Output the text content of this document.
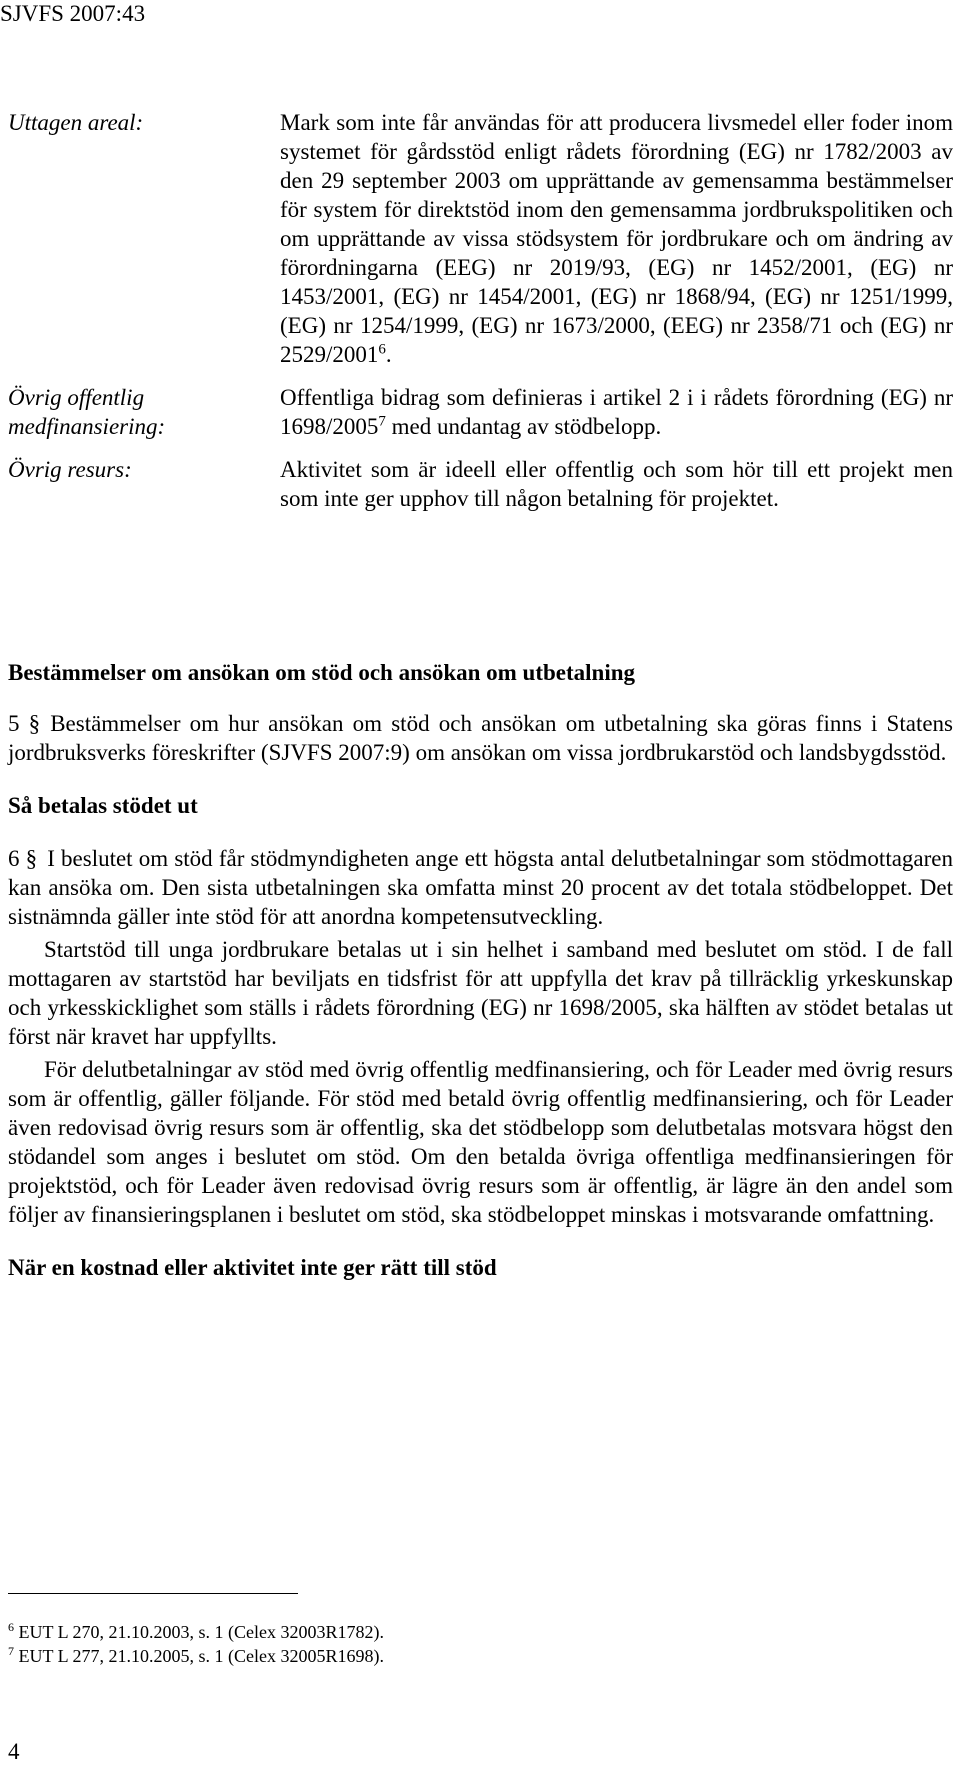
SJVFS 2007:43
Uttagen areal:	Mark som inte får användas för att producera livsmedel eller foder inom systemet för gårdsstöd enligt rådets förordning (EG) nr 1782/2003 av den 29 september 2003 om upprättande av gemensamma bestämmelser för system för direktstöd inom den gemensamma jordbrukspolitiken och om upprättande av vissa stödsystem för jordbrukare och om ändring av förordningarna (EEG) nr 2019/93, (EG) nr 1452/2001, (EG) nr 1453/2001, (EG) nr 1454/2001, (EG) nr 1868/94, (EG) nr 1251/1999, (EG) nr 1254/1999, (EG) nr 1673/2000, (EEG) nr 2358/71 och (EG) nr 2529/2001$^6$.
Övrig offentlig medfinansiering:
Offentliga bidrag som definieras i artikel 2 i i rådets förordning (EG) nr 1698/2005$^7$ med undantag av stödbelopp.
Övrig resurs:	Aktivitet som är ideell eller offentlig och som hör till ett projekt men som inte ger upphov till någon betalning för projektet.

Bestämmelser om ansökan om stöd och ansökan om utbetalning

5 § Bestämmelser om hur ansökan om stöd och ansökan om utbetalning ska göras finns i Statens jordbruksverks föreskrifter (SJVFS 2007:9) om ansökan om vissa jordbrukarstöd och landsbygdsstöd.

Så betalas stödet ut

6 § I beslutet om stöd får stödmyndigheten ange ett högsta antal delutbetalningar som stödmottagaren kan ansöka om. Den sista utbetalningen ska omfatta minst 20 procent av det totala stödbeloppet. Det sistnämnda gäller inte stöd för att anordna kompetensutveckling.

Startstöd till unga jordbrukare betalas ut i sin helhet i samband med beslutet om stöd. I de fall mottagaren av startstöd har beviljats en tidsfrist för att uppfylla det krav på tillräcklig yrkeskunskap och yrkesskicklighet som ställs i rådets förordning (EG) nr 1698/2005, ska hälften av stödet betalas ut först när kravet har uppfyllts.

För delutbetalningar av stöd med övrig offentlig medfinansiering, och för Leader med övrig resurs som är offentlig, gäller följande. För stöd med betald övrig offentlig medfinansiering, och för Leader även redovisad övrig resurs som är offentlig, ska det stödbelopp som delutbetalas motsvara högst den stödandel som anges i beslutet om stöd. Om den betalda övriga offentliga medfinansieringen för projektstöd, och för Leader även redovisad övrig resurs som är offentlig, är lägre än den andel som följer av finansieringsplanen i beslutet om stöd, ska stödbeloppet minskas i motsvarande omfattning.

När en kostnad eller aktivitet inte ger rätt till stöd

$^6$ EUT L 270, 21.10.2003, s. 1 (Celex 32003R1782).
$^7$ EUT L 277, 21.10.2005, s. 1 (Celex 32005R1698).
4
